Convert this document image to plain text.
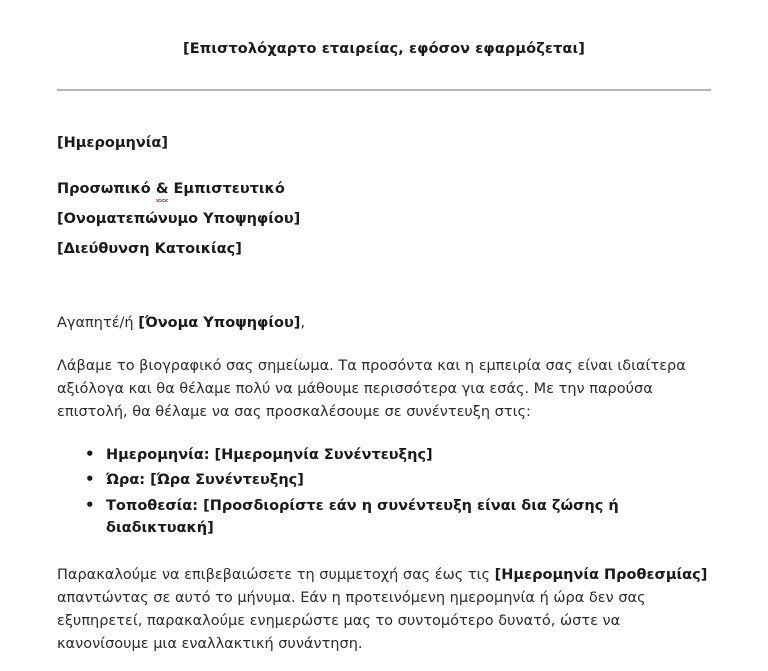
[Επιστολόχαρτο εταιρείας, εφόσον εφαρμόζεται]
[Ημερομηνία]
Προσωπικό & Εμπιστευτικό
[Ονοματεπώνυμο Υποψηφίου]
[Διεύθυνση Κατοικίας]
Αγαπητέ/ή [Όνομα Υποψηφίου],
Λάβαμε το βιογραφικό σας σημείωμα. Τα προσόντα και η εμπειρία σας είναι ιδιαίτερα αξιόλογα και θα θέλαμε πολύ να μάθουμε περισσότερα για εσάς. Με την παρούσα επιστολή, θα θέλαμε να σας προσκαλέσουμε σε συνέντευξη στις:
• Ημερομηνία: [Ημερομηνία Συνέντευξης]
• Ώρα: [Ώρα Συνέντευξης]
• Τοποθεσία: [Προσδιορίστε εάν η συνέντευξη είναι δια ζώσης ή διαδικτυακή]
Παρακαλούμε να επιβεβαιώσετε τη συμμετοχή σας έως τις [Ημερομηνία Προθεσμίας] απαντώντας σε αυτό το μήνυμα. Εάν η προτεινόμενη ημερομηνία ή ώρα δεν σας εξυπηρετεί, παρακαλούμε ενημερώστε μας το συντομότερο δυνατό, ώστε να κανονίσουμε μια εναλλακτική συνάντηση.
